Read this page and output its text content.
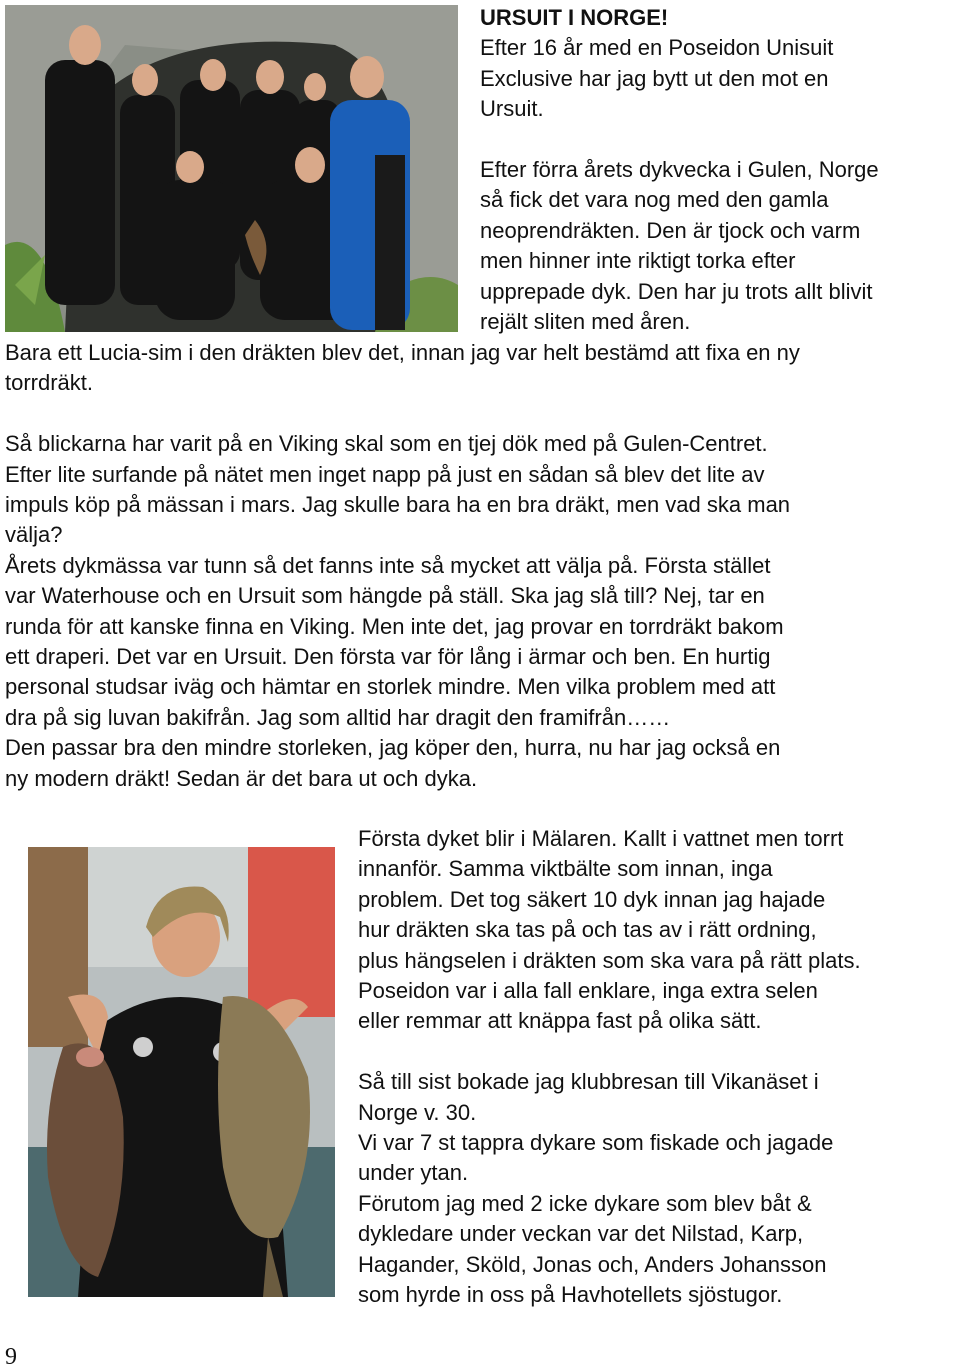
URSUIT I NORGE!

Efter 16 år med en Poseidon Unisuit

Exclusive har jag bytt ut den mot en

Ursuit.

Efter förra årets dykvecka i Gulen, Norge

så fick det vara nog med den gamla

neoprendräkten. Den är tjock och varm

men hinner inte riktigt torka efter

upprepade dyk. Den har ju trots allt blivit

rejält sliten med åren.

Bara ett Lucia-sim i den dräkten blev det, innan jag var helt bestämd att fixa en ny

torrdräkt.

Så blickarna har varit på en Viking skal som en tjej dök med på Gulen-Centret.

Efter lite surfande på nätet men inget napp på just en sådan så blev det lite av

impuls köp på mässan i mars. Jag skulle bara ha en bra dräkt, men vad ska man

välja?

Årets dykmässa var tunn så det fanns inte så mycket att välja på. Första stället

var Waterhouse och en Ursuit som hängde på ställ. Ska jag slå till? Nej, tar en

runda för att kanske finna en Viking. Men inte det, jag provar en torrdräkt bakom

ett draperi. Det var en Ursuit. Den första var för lång i ärmar och ben. En hurtig

personal studsar iväg och hämtar en storlek mindre. Men vilka problem med att

dra på sig luvan bakifrån. Jag som alltid har dragit den framifrån……

Den passar bra den mindre storleken, jag köper den, hurra, nu har jag också en

ny modern dräkt! Sedan är det bara ut och dyka.

Första dyket blir i Mälaren. Kallt i vattnet men torrt

innanför. Samma viktbälte som innan, inga

problem. Det tog säkert 10 dyk innan jag hajade

hur dräkten ska tas på och tas av i rätt ordning,

plus hängselen i dräkten som ska vara på rätt plats.

Poseidon var i alla fall enklare, inga extra selen

eller remmar att knäppa fast på olika sätt.

Så till sist bokade jag klubbresan till Vikanäset i

Norge v. 30.

Vi var 7 st tappra dykare som fiskade och jagade

under ytan.

Förutom jag med 2 icke dykare som blev båt &

dykledare under veckan var det Nilstad, Karp,

Hagander, Sköld, Jonas och, Anders Johansson

som hyrde in oss på Havhotellets sjöstugor.

9
